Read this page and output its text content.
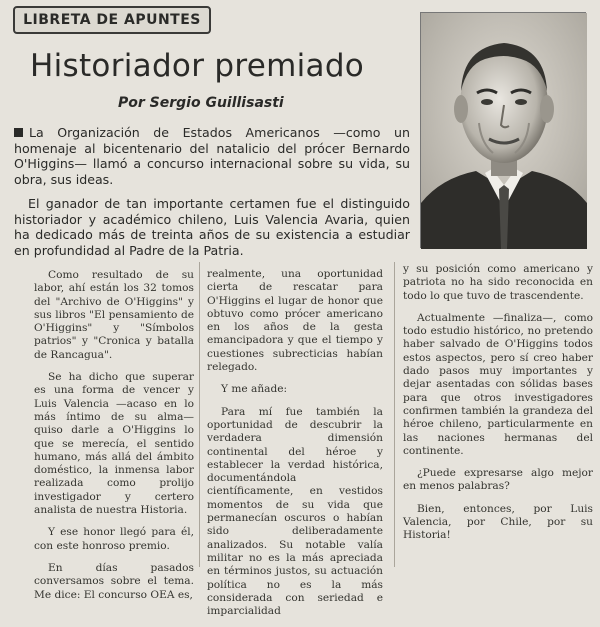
LIBRETA DE APUNTES
Historiador premiado
Por Sergio Guillisasti

La Organización de Estados Americanos —como un homenaje al bicentenario del natalicio del prócer Bernardo O'Higgins— llamó a concurso internacional sobre su vida, su obra, sus ideas.

El ganador de tan importante certamen fue el distinguido historiador y académico chileno, Luis Valencia Avaria, quien ha dedicado más de treinta años de su existencia a estudiar en profundidad al Padre de la Patria.

Como resultado de su labor, ahí están los 32 tomos del "Archivo de O'Higgins" y sus libros "El pensamiento de O'Higgins" y "Símbolos patrios" y "Cronica y batalla de Rancagua".

Se ha dicho que superar es una forma de vencer y Luis Valencia —acaso en lo más íntimo de su alma— quiso darle a O'Higgins lo que se merecía, el sentido humano, más allá del ámbito doméstico, la inmensa labor realizada como prolijo investigador y certero analista de nuestra Historia.

Y ese honor llegó para él, con este honroso premio.

En días pasados conversamos sobre el tema. Me dice: El concurso OEA es,

realmente, una oportunidad cierta de rescatar para O'Higgins el lugar de honor que obtuvo como prócer americano en los años de la gesta emancipadora y que el tiempo y cuestiones subrecticias habían relegado.

Y me añade:

Para mí fue también la oportunidad de descubrir la verdadera dimensión continental del héroe y establecer la verdad histórica, documentándola científicamente, en vestidos momentos de su vida que permanecían oscuros o habían sido deliberadamente analizados. Su notable valía militar no es la más apreciada en términos justos, su actuación política no es la más considerada con seriedad e imparcialidad

y su posición como americano y patriota no ha sido reconocida en todo lo que tuvo de trascendente.

Actualmente —finaliza—, como todo estudio histórico, no pretendo haber salvado de O'Higgins todos estos aspectos, pero sí creo haber dado pasos muy importantes y dejar asentadas con sólidas bases para que otros investigadores confirmen también la grandeza del héroe chileno, particularmente en las naciones hermanas del continente.

¿Puede expresarse algo mejor en menos palabras?

Bien, entonces, por Luis Valencia, por Chile, por su Historia!
